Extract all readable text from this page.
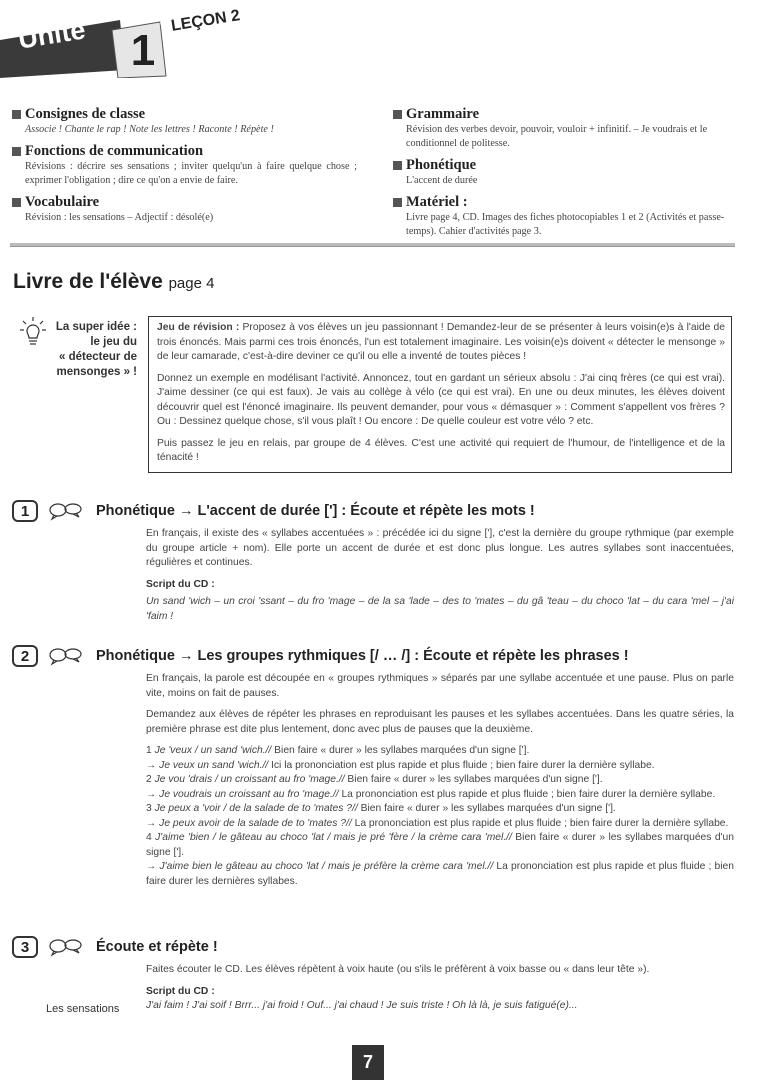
Unité 1
LEÇON 2
Consignes de classe
Associe ! Chante le rap ! Note les lettres ! Raconte ! Répète !
Fonctions de communication
Révisions : décrire ses sensations ; inviter quelqu'un à faire quelque chose ; exprimer l'obligation ; dire ce qu'on a envie de faire.
Vocabulaire
Révision : les sensations – Adjectif : désolé(e)
Grammaire
Révision des verbes devoir, pouvoir, vouloir + infinitif. – Je voudrais et le conditionnel de politesse.
Phonétique
L'accent de durée
Matériel :
Livre page 4, CD. Images des fiches photocopiables 1 et 2 (Activités et passe-temps). Cahier d'activités page 3.
Livre de l'élève page 4
La super idée :
le jeu du
« détecteur de
mensonges » !

Jeu de révision : Proposez à vos élèves un jeu passionnant ! Demandez-leur de se présenter à leurs voisin(e)s à l'aide de trois énoncés. Mais parmi ces trois énoncés, l'un est totalement imaginaire. Les voisin(e)s doivent « détecter le mensonge » de leur camarade, c'est-à-dire deviner ce qu'il ou elle a inventé de toutes pièces !

Donnez un exemple en modélisant l'activité. Annoncez, tout en gardant un sérieux absolu : J'ai cinq frères (ce qui est vrai). J'aime dessiner (ce qui est faux). Je vais au collège à vélo (ce qui est vrai). En une ou deux minutes, les élèves doivent découvrir quel est l'énoncé imaginaire. Ils peuvent demander, pour vous « démasquer » : Comment s'appellent vos frères ? Ou : Dessinez quelque chose, s'il vous plaît ! Ou encore : De quelle couleur est votre vélo ? etc.

Puis passez le jeu en relais, par groupe de 4 élèves. C'est une activité qui requiert de l'humour, de l'intelligence et de la ténacité !

1	Phonétique → L'accent de durée ['] : Écoute et répète les mots !

En français, il existe des « syllabes accentuées » : précédée ici du signe ['], c'est la dernière du groupe rythmique (par exemple du groupe article + nom). Elle porte un accent de durée et est donc plus longue. Les autres syllabes sont inaccentuées, régulières et continues.

Script du CD :

Un sand 'wich – un croi 'ssant – du fro 'mage – de la sa 'lade – des to 'mates – du gâ 'teau – du choco 'lat – du cara 'mel – j'ai 'faim !

2	Phonétique → Les groupes rythmiques [/ … /] : Écoute et répète les phrases !

En français, la parole est découpée en « groupes rythmiques » séparés par une syllabe accentuée et une pause. Plus on parle vite, moins on fait de pauses.

Demandez aux élèves de répéter les phrases en reproduisant les pauses et les syllabes accentuées. Dans les quatre séries, la première phrase est dite plus lentement, donc avec plus de pauses que la deuxième.

1 Je 'veux / un sand 'wich.// Bien faire « durer » les syllabes marquées d'un signe ['].
→ Je veux un sand 'wich.// Ici la prononciation est plus rapide et plus fluide ; bien faire durer la dernière syllabe.
2 Je vou 'drais / un croissant au fro 'mage.// Bien faire « durer » les syllabes marquées d'un signe ['].
→ Je voudrais un croissant au fro 'mage.// La prononciation est plus rapide et plus fluide ; bien faire durer la dernière syllabe.
3 Je peux a 'voir / de la salade de to 'mates ?// Bien faire « durer » les syllabes marquées d'un signe ['].
→ Je peux avoir de la salade de to 'mates ?// La prononciation est plus rapide et plus fluide ; bien faire durer la dernière syllabe.
4 J'aime 'bien / le gâteau au choco 'lat / mais je pré 'fère / la crème cara 'mel.// Bien faire « durer » les syllabes marquées d'un signe ['].
→ J'aime bien le gâteau au choco 'lat / mais je préfère la crème cara 'mel.// La prononciation est plus rapide et plus fluide ; bien faire durer les dernières syllabes.
3	Écoute et répète !

Faites écouter le CD. Les élèves répètent à voix haute (ou s'ils le préfèrent à voix basse ou « dans leur tête »).

Script du CD :

J'ai faim ! J'ai soif ! Brrr... j'ai froid ! Ouf... j'ai chaud ! Je suis triste ! Oh là là, je suis fatigué(e)...

Les sensations
7
